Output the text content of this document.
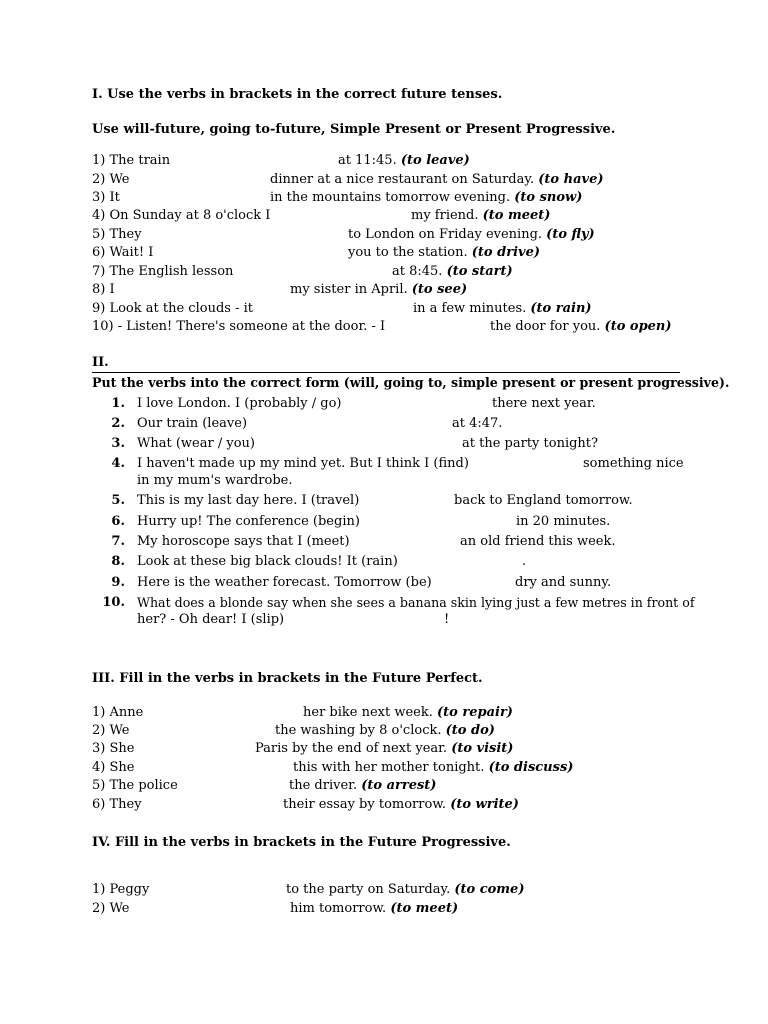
I. Use the verbs in brackets in the correct future tenses.
Use will-future, going to-future, Simple Present or Present Progressive.
1) The train	at 11:45. (to leave)
2) We	dinner at a nice restaurant on Saturday. (to have)
3) It	in the mountains tomorrow evening. (to snow)
4) On Sunday at 8 o'clock I	my friend. (to meet)
5) They	to London on Friday evening. (to fly)
6) Wait! I	you to the station. (to drive)
7) The English lesson	at 8:45. (to start)
8) I	my sister in April. (to see)
9) Look at the clouds - it	in a few minutes. (to rain)
10) - Listen! There's someone at the door. - I	the door for you. (to open)
II.
Put the verbs into the correct form (will, going to, simple present or present progressive).
1. I love London. I (probably / go)	there next year.
2. Our train (leave)	at 4:47.
3. What (wear / you)	at the party tonight?
4. I haven't made up my mind yet. But I think I (find)	something nice
in my mum's wardrobe.
5. This is my last day here. I (travel)	back to England tomorrow.
6. Hurry up! The conference (begin)	in 20 minutes.
7. My horoscope says that I (meet)	an old friend this week.
8. Look at these big black clouds! It (rain)	.
9. Here is the weather forecast. Tomorrow (be)	dry and sunny.
10. What does a blonde say when she sees a banana skin lying just a few metres in front of
her? - Oh dear! I (slip)	!
III. Fill in the verbs in brackets in the Future Perfect.
1) Anne	her bike next week. (to repair)
2) We	the washing by 8 o'clock. (to do)
3) She	Paris by the end of next year. (to visit)
4) She	this with her mother tonight. (to discuss)
5) The police	the driver. (to arrest)
6) They	their essay by tomorrow. (to write)
IV. Fill in the verbs in brackets in the Future Progressive.
1) Peggy	to the party on Saturday. (to come)
2) We	him tomorrow. (to meet)
